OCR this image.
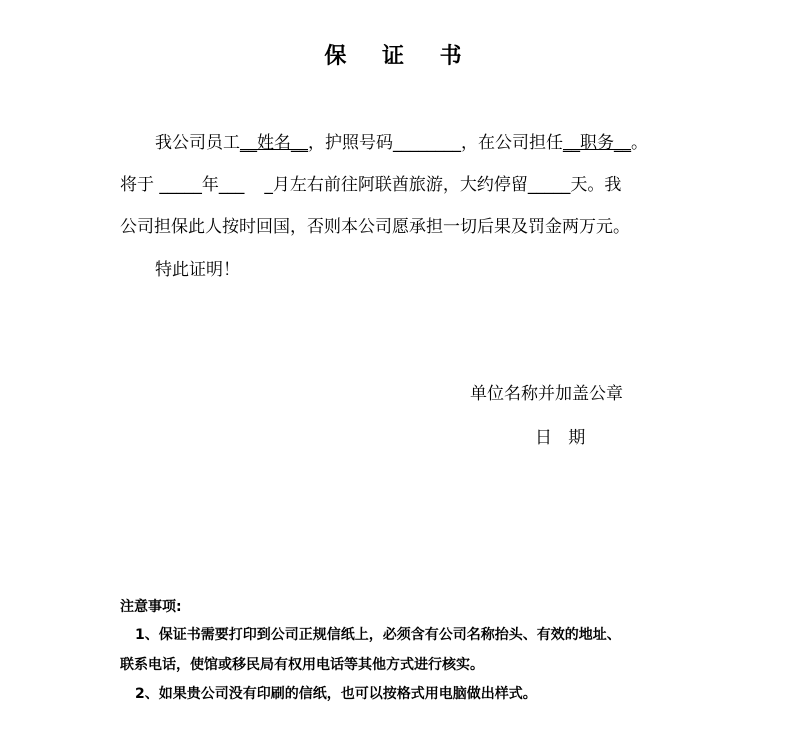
保 证 书
我公司员工__姓名__，护照号码________，在公司担任__职务__。
将于 _____年___ _月左右前往阿联酋旅游，大约停留_____天。我
公司担保此人按时回国，否则本公司愿承担一切后果及罚金两万元。
特此证明！
单位名称并加盖公章
日   期
注意事项:
1、保证书需要打印到公司正规信纸上，必须含有公司名称抬头、有效的地址、
联系电话，使馆或移民局有权用电话等其他方式进行核实。
2、如果贵公司没有印刷的信纸，也可以按格式用电脑做出样式。
